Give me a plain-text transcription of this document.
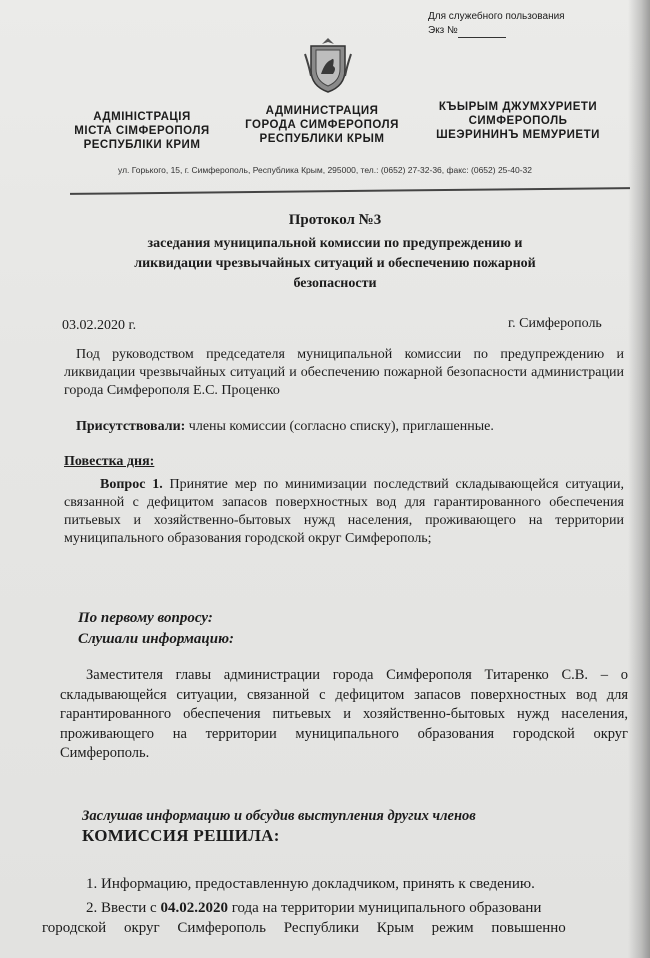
Для служебного пользования
Экз №
АДМІНІСТРАЦІЯ
МІСТА СІМФЕРОПОЛЯ
РЕСПУБЛІКИ КРИМ
АДМИНИСТРАЦИЯ
ГОРОДА СИМФЕРОПОЛЯ
РЕСПУБЛИКИ КРЫМ
КЪЫРЫМ ДЖУМХУРИЕТИ
СИМФЕРОПОЛЬ
ШЕЭРИНИНЪ МЕМУРИЕТИ
ул. Горького, 15, г. Симферополь, Республика Крым, 295000, тел.: (0652) 27-32-36, факс: (0652) 25-40-32
Протокол №3
заседания муниципальной комиссии по предупреждению и
ликвидации чрезвычайных ситуаций и обеспечению пожарной
безопасности
03.02.2020 г.	г. Симферополь
Под руководством председателя муниципальной комиссии по предупреждению и ликвидации чрезвычайных ситуаций и обеспечению пожарной безопасности администрации города Симферополя Е.С. Проценко
Присутствовали: члены комиссии (согласно списку), приглашенные.
Повестка дня:
Вопрос 1. Принятие мер по минимизации последствий складывающейся ситуации, связанной с дефицитом запасов поверхностных вод для гарантированного обеспечения питьевых и хозяйственно-бытовых нужд населения, проживающего на территории муниципального образования городской округ Симферополь;
По первому вопросу:
Слушали информацию:
Заместителя главы администрации города Симферополя Титаренко С.В. – о складывающейся ситуации, связанной с дефицитом запасов поверхностных вод для гарантированного обеспечения питьевых и хозяйственно-бытовых нужд населения, проживающего на территории муниципального образования городской округ Симферополь.
Заслушав информацию и обсудив выступления других членов
КОМИССИЯ РЕШИЛА:
1. Информацию, предоставленную докладчиком, принять к сведению.
2. Ввести с 04.02.2020 года на территории муниципального образовани
городской округ Симферополь Республики Крым режим повышенно
